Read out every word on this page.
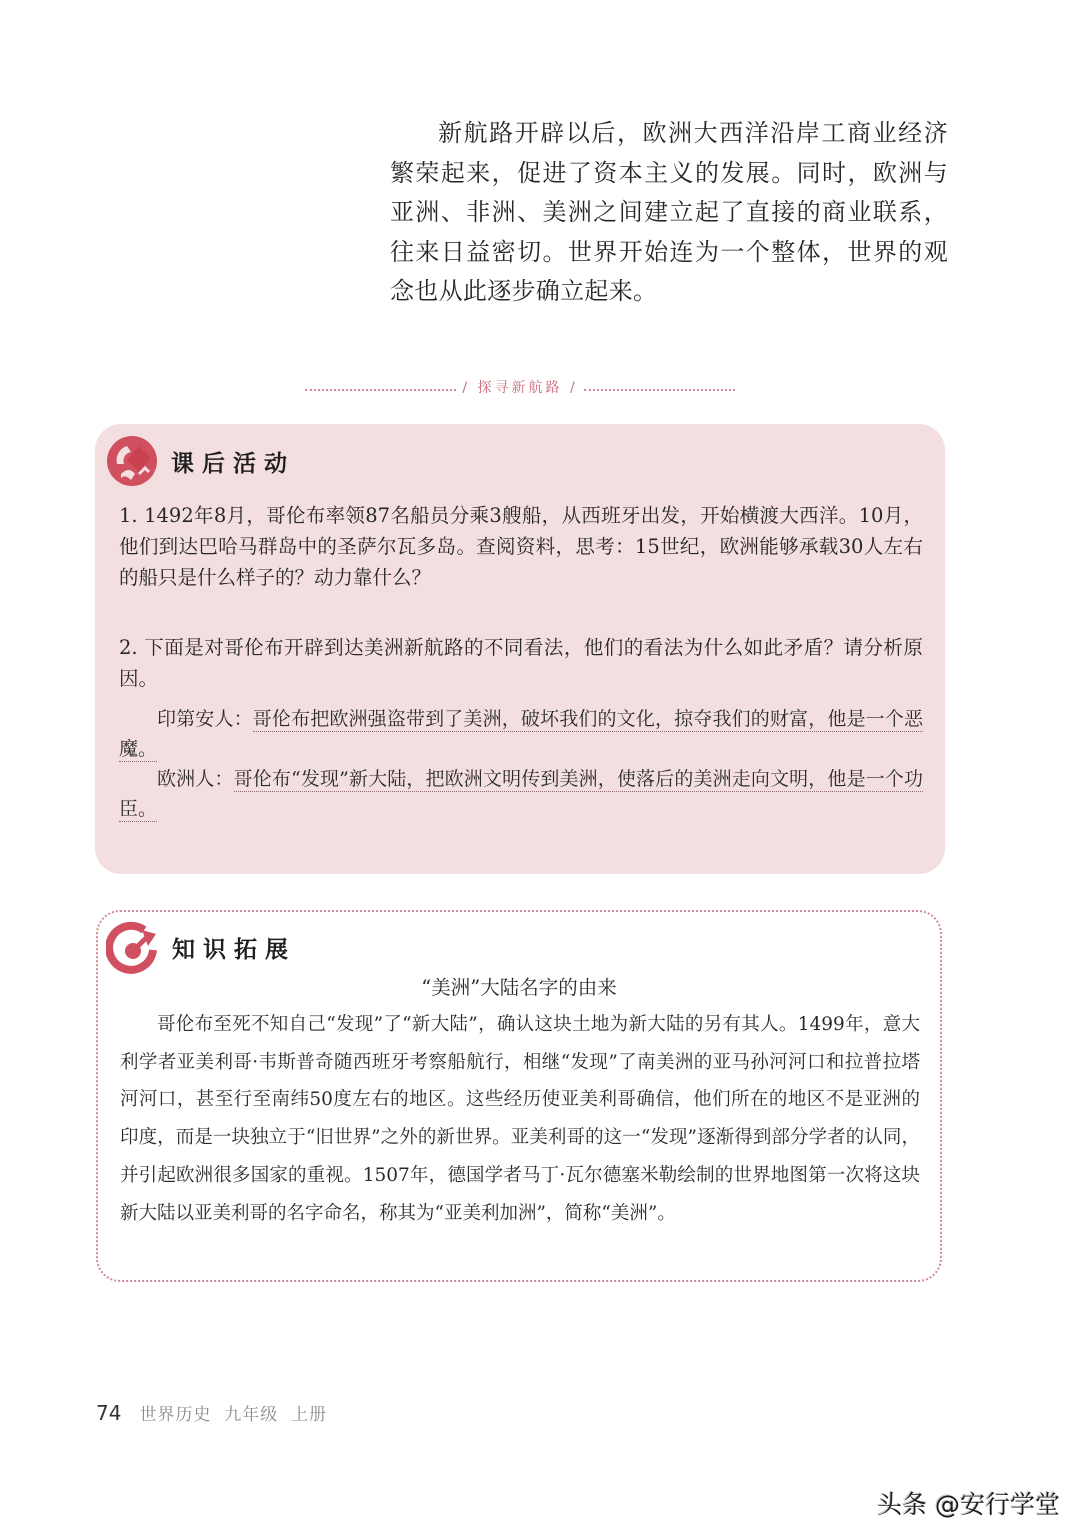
新航路开辟以后，欧洲大西洋沿岸工商业经济繁荣起来，促进了资本主义的发展。同时，欧洲与亚洲、非洲、美洲之间建立起了直接的商业联系，往来日益密切。世界开始连为一个整体，世界的观念也从此逐步确立起来。

/ 探寻新航路 /
课后活动

1. 1492年8月，哥伦布率领87名船员分乘3艘船，从西班牙出发，开始横渡大西洋。10月，他们到达巴哈马群岛中的圣萨尔瓦多岛。查阅资料，思考：15世纪，欧洲能够承载30人左右的船只是什么样子的？动力靠什么？

2. 下面是对哥伦布开辟到达美洲新航路的不同看法，他们的看法为什么如此矛盾？请分析原因。

印第安人：哥伦布把欧洲强盗带到了美洲，破坏我们的文化，掠夺我们的财富，他是一个恶魔。

欧洲人：哥伦布“发现”新大陆，把欧洲文明传到美洲，使落后的美洲走向文明，他是一个功臣。

知识拓展
“美洲”大陆名字的由来

哥伦布至死不知自己“发现”了“新大陆”，确认这块土地为新大陆的另有其人。1499年，意大利学者亚美利哥·韦斯普奇随西班牙考察船航行，相继“发现”了南美洲的亚马孙河河口和拉普拉塔河河口，甚至行至南纬50度左右的地区。这些经历使亚美利哥确信，他们所在的地区不是亚洲的印度，而是一块独立于“旧世界”之外的新世界。亚美利哥的这一“发现”逐渐得到部分学者的认同，并引起欧洲很多国家的重视。1507年，德国学者马丁·瓦尔德塞米勒绘制的世界地图第一次将这块新大陆以亚美利哥的名字命名，称其为“亚美利加洲”，简称“美洲”。

74 世界历史  九年级  上册
头条 @安行学堂
